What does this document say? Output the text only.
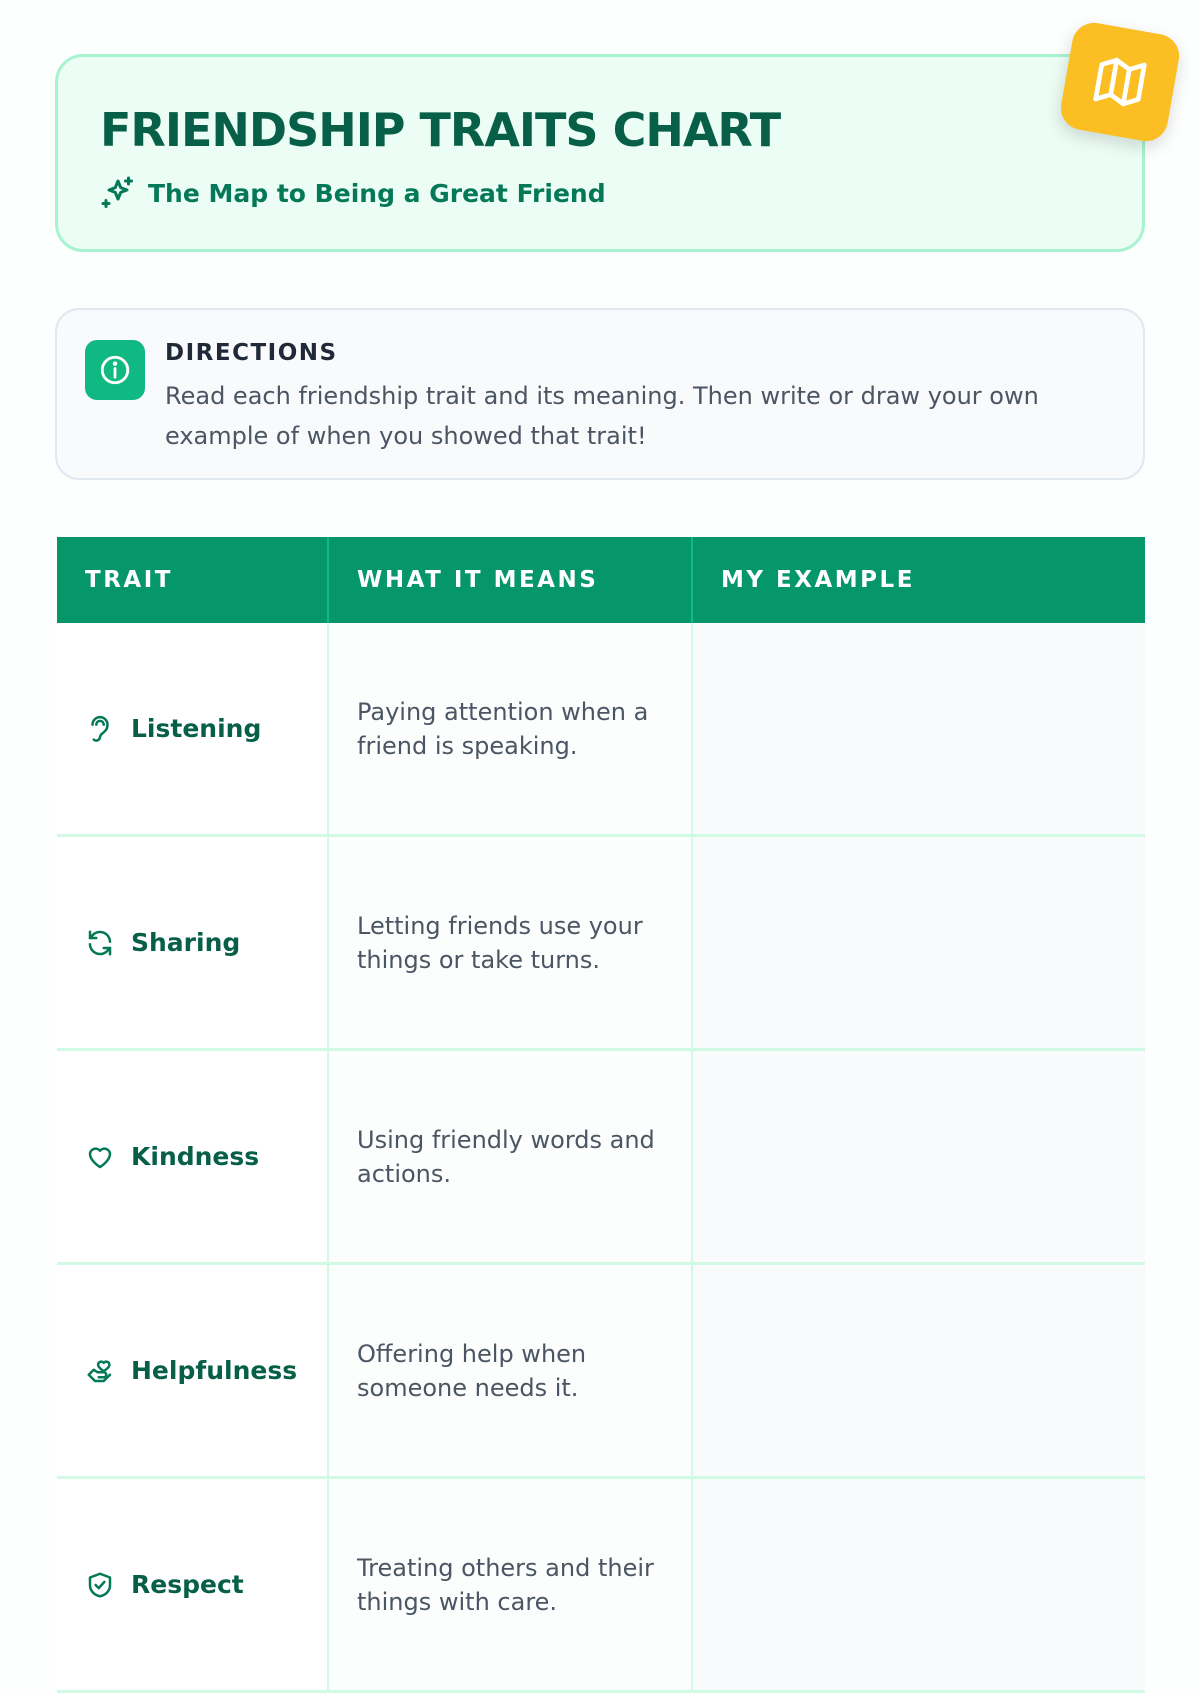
FRIENDSHIP TRAITS CHART
The Map to Being a Great Friend
DIRECTIONS
Read each friendship trait and its meaning. Then write or draw your own example of when you showed that trait!
TRAIT	WHAT IT MEANS	MY EXAMPLE
Listening
Paying attention when a friend is speaking.
Sharing
Letting friends use your things or take turns.
Kindness
Using friendly words and actions.
Helpfulness
Offering help when someone needs it.
Respect
Treating others and their things with care.
